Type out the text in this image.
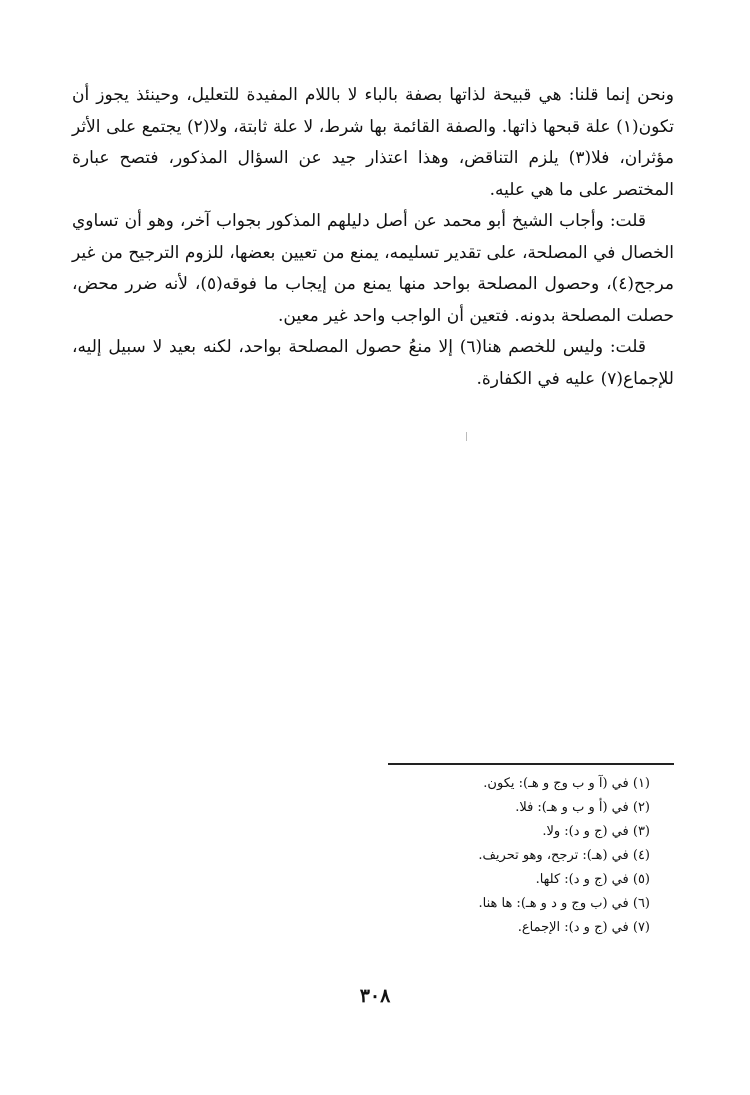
ونحن إنما قلنا: هي قبيحة لذاتها بصفة بالباء لا باللام المفيدة للتعليل، وحينئذ يجوز أن تكون(١) علة قبحها ذاتها. والصفة القائمة بها شرط، لا علة ثابتة، ولا(٢) يجتمع على الأثر مؤثران، فلا(٣) يلزم التناقض، وهذا اعتذار جيد عن السؤال المذكور، فتصح عبارة المختصر على ما هي عليه.

قلت: وأجاب الشيخ أبو محمد عن أصل دليلهم المذكور بجواب آخر، وهو أن تساوي الخصال في المصلحة، على تقدير تسليمه، يمنع من تعيين بعضها، للزوم الترجيح من غير مرجح(٤)، وحصول المصلحة بواحد منها يمنع من إيجاب ما فوقه(٥)، لأنه ضرر محض، حصلت المصلحة بدونه. فتعين أن الواجب واحد غير معين.

قلت: وليس للخصم هنا(٦) إلا منعُ حصول المصلحة بواحد، لكنه بعيد لا سبيل إليه، للإجماع(٧) عليه في الكفارة.

(١) في (آ و ب وج و هـ): يكون.
(٢) في (أ و ب و هـ): فلا.
(٣) في (ج و د): ولا.
(٤) في (هـ): ترجح، وهو تحريف.
(٥) في (ج و د): كلها.
(٦) في (ب وج و د و هـ): ها هنا.
(٧) في (ج و د): الإجماع.
٣٠٨
